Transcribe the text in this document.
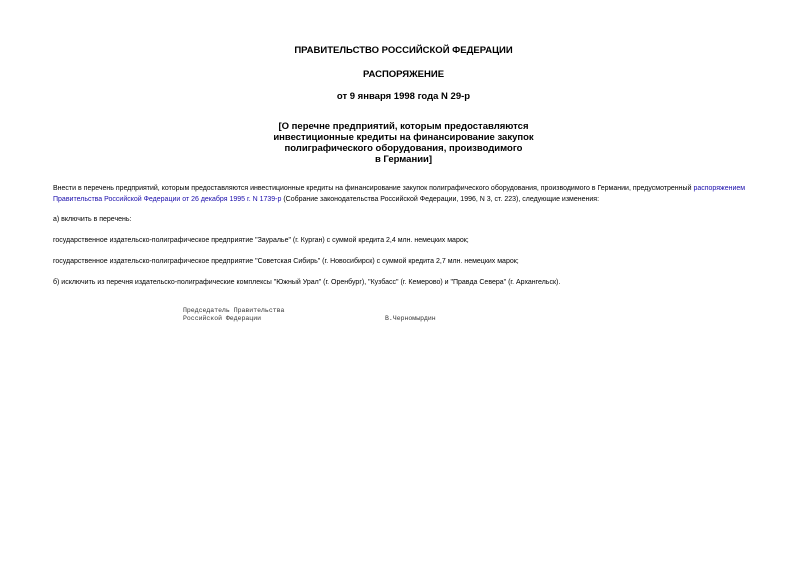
ПРАВИТЕЛЬСТВО РОССИЙСКОЙ ФЕДЕРАЦИИ
РАСПОРЯЖЕНИЕ
от 9 января 1998 года N 29-р
[О перечне предприятий, которым предоставляются
инвестиционные кредиты на финансирование закупок
полиграфического оборудования, производимого
в Германии]
Внести в перечень предприятий, которым предоставляются инвестиционные кредиты на финансирование закупок полиграфического оборудования, производимого в Германии, предусмотренный распоряжением
Правительства Российской Федерации от 26 декабря 1995 г. N 1739-р (Собрание законодательства Российской Федерации, 1996, N 3, ст. 223), следующие изменения:
а) включить в перечень:
государственное издательско-полиграфическое предприятие "Зауралье" (г. Курган) с суммой кредита 2,4 млн. немецких марок;
государственное издательско-полиграфическое предприятие "Советская Сибирь" (г. Новосибирск) с суммой кредита 2,7 млн. немецких марок;
б) исключить из перечня издательско-полиграфические комплексы "Южный Урал" (г. Оренбург), "Кузбасс" (г. Кемерово) и "Правда Севера" (г. Архангельск).
Председатель Правительства
Российской Федерации	В.Черномырдин
